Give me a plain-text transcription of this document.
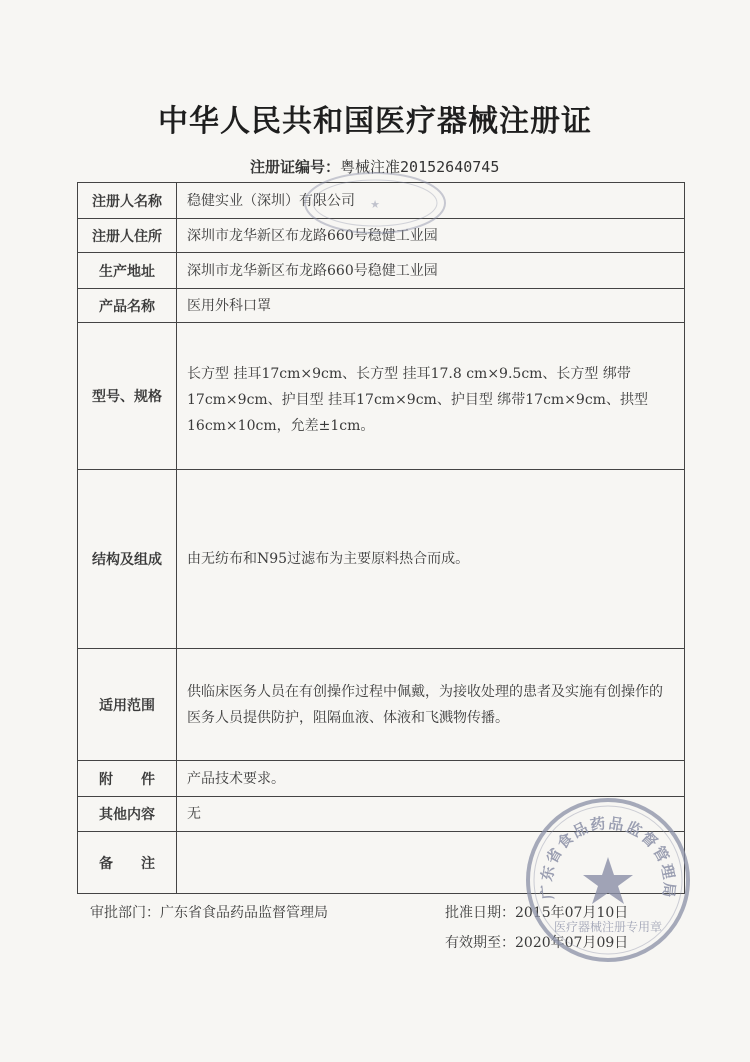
中华人民共和国医疗器械注册证
注册证编号：粤械注准20152640745
注册人名称	稳健实业（深圳）有限公司
注册人住所	深圳市龙华新区布龙路660号稳健工业园
生产地址	深圳市龙华新区布龙路660号稳健工业园
产品名称	医用外科口罩
型号、规格	长方型 挂耳17cm×9cm、长方型 挂耳17.8 cm×9.5cm、长方型 绑带17cm×9cm、护目型 挂耳17cm×9cm、护目型 绑带17cm×9cm、拱型 16cm×10cm，允差±1cm。
结构及组成	由无纺布和N95过滤布为主要原料热合而成。
适用范围	供临床医务人员在有创操作过程中佩戴，为接收处理的患者及实施有创操作的医务人员提供防护，阻隔血液、体液和飞溅物传播。
附　　件	产品技术要求。
其他内容	无
备　　注	
审批部门：广东省食品药品监督管理局	批准日期：2015年07月10日
有效期至：2020年07月09日
★
广东省食品药品监督管理局
医疗器械注册专用章
